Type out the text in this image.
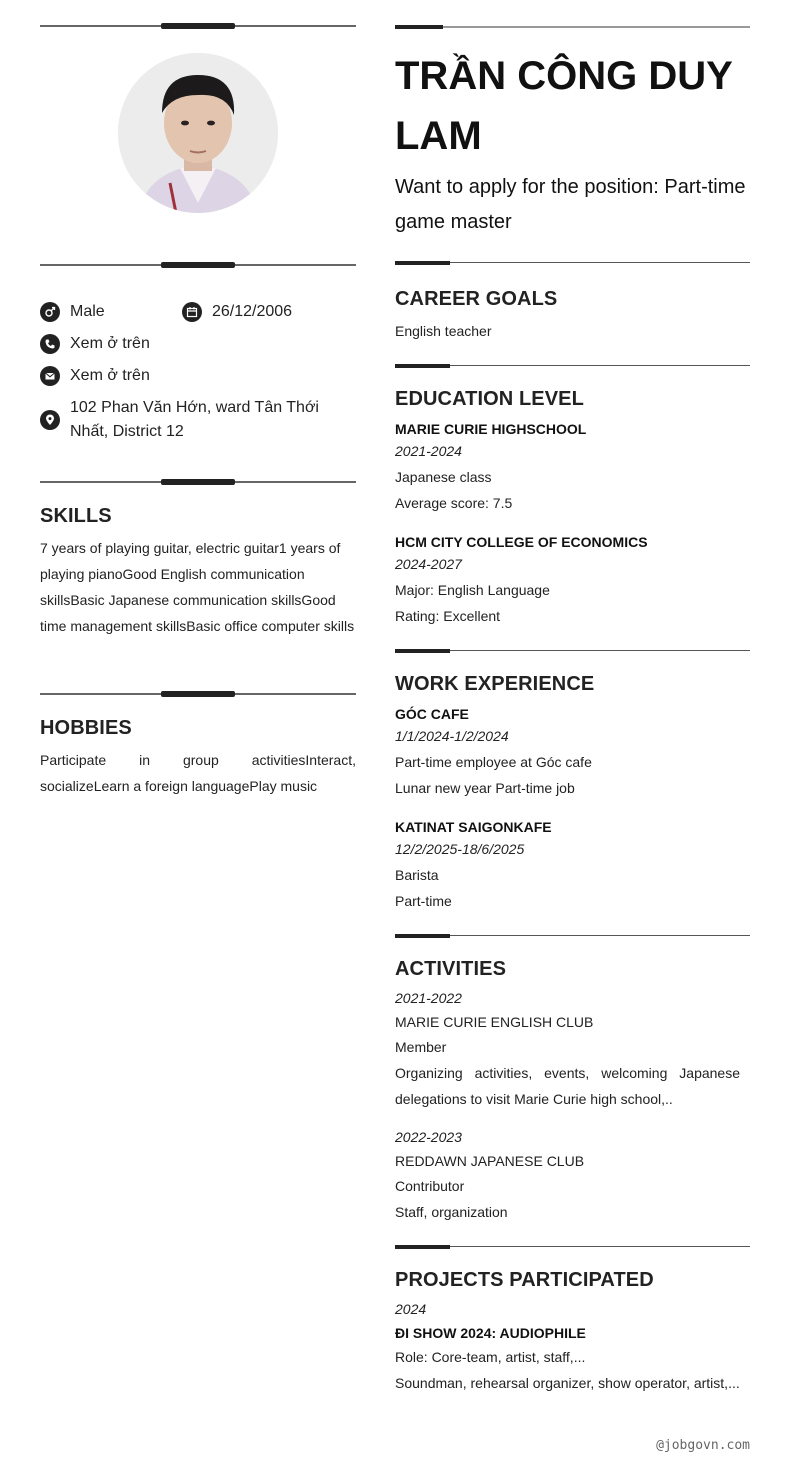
Male	26/12/2006
Xem ở trên
Xem ở trên
102 Phan Văn Hớn, ward Tân Thới Nhất, District 12
SKILLS
7 years of playing guitar, electric guitar1 years of playing pianoGood English communication skillsBasic Japanese communication skillsGood time management skillsBasic office computer skills
HOBBIES
Participate in group activitiesInteract, socializeLearn a foreign languagePlay music
TRẦN CÔNG DUY LAM
Want to apply for the position: Part-time game master
CAREER GOALS
English teacher
EDUCATION LEVEL
MARIE CURIE HIGHSCHOOL
2021-2024
Japanese class
Average score: 7.5
HCM CITY COLLEGE OF ECONOMICS
2024-2027
Major: English Language
Rating: Excellent
WORK EXPERIENCE
GÓC CAFE
1/1/2024-1/2/2024
Part-time employee at Góc cafe
Lunar new year Part-time job
KATINAT SAIGONKAFE
12/2/2025-18/6/2025
Barista
Part-time
ACTIVITIES
2021-2022
MARIE CURIE ENGLISH CLUB
Member
Organizing activities, events, welcoming Japanese delegations to visit Marie Curie high school,..
2022-2023
REDDAWN JAPANESE CLUB
Contributor
Staff, organization
PROJECTS PARTICIPATED
2024
ĐI SHOW 2024: AUDIOPHILE
Role: Core-team, artist, staff,...
Soundman, rehearsal organizer, show operator, artist,...
@jobgovn.com
